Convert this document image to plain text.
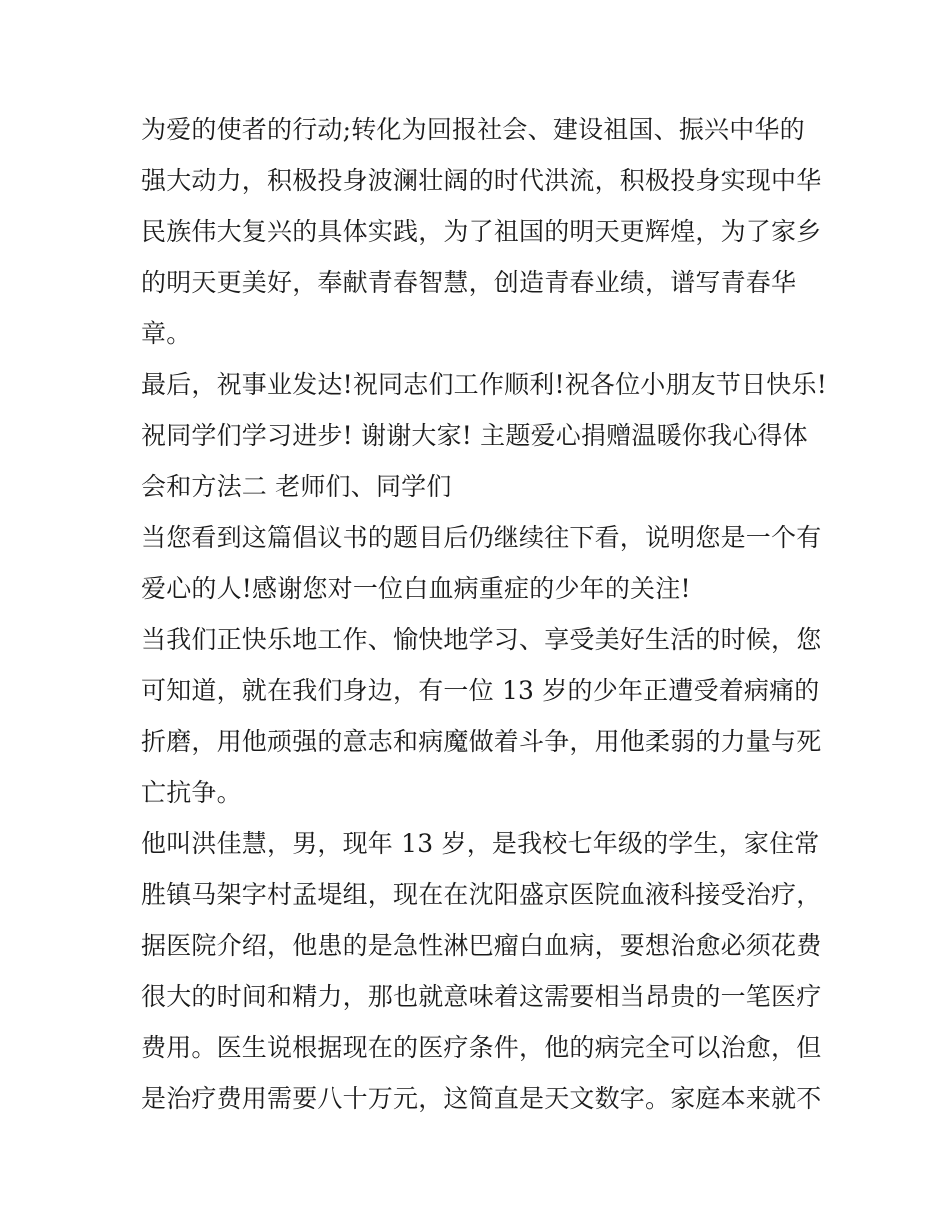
为爱的使者的行动;转化为回报社会、建设祖国、振兴中华的
强大动力，积极投身波澜壮阔的时代洪流，积极投身实现中华
民族伟大复兴的具体实践，为了祖国的明天更辉煌，为了家乡
的明天更美好，奉献青春智慧，创造青春业绩，谱写青春华
章。
最后，祝事业发达!祝同志们工作顺利!祝各位小朋友节日快乐!
祝同学们学习进步! 谢谢大家! 主题爱心捐赠温暖你我心得体
会和方法二 老师们、同学们
当您看到这篇倡议书的题目后仍继续往下看，说明您是一个有
爱心的人!感谢您对一位白血病重症的少年的关注!
当我们正快乐地工作、愉快地学习、享受美好生活的时候，您
可知道，就在我们身边，有一位 13 岁的少年正遭受着病痛的
折磨，用他顽强的意志和病魔做着斗争，用他柔弱的力量与死
亡抗争。
他叫洪佳慧，男，现年 13 岁，是我校七年级的学生，家住常
胜镇马架字村孟堤组，现在在沈阳盛京医院血液科接受治疗，
据医院介绍，他患的是急性淋巴瘤白血病，要想治愈必须花费
很大的时间和精力，那也就意味着这需要相当昂贵的一笔医疗
费用。医生说根据现在的医疗条件，他的病完全可以治愈，但
是治疗费用需要八十万元，这简直是天文数字。家庭本来就不
